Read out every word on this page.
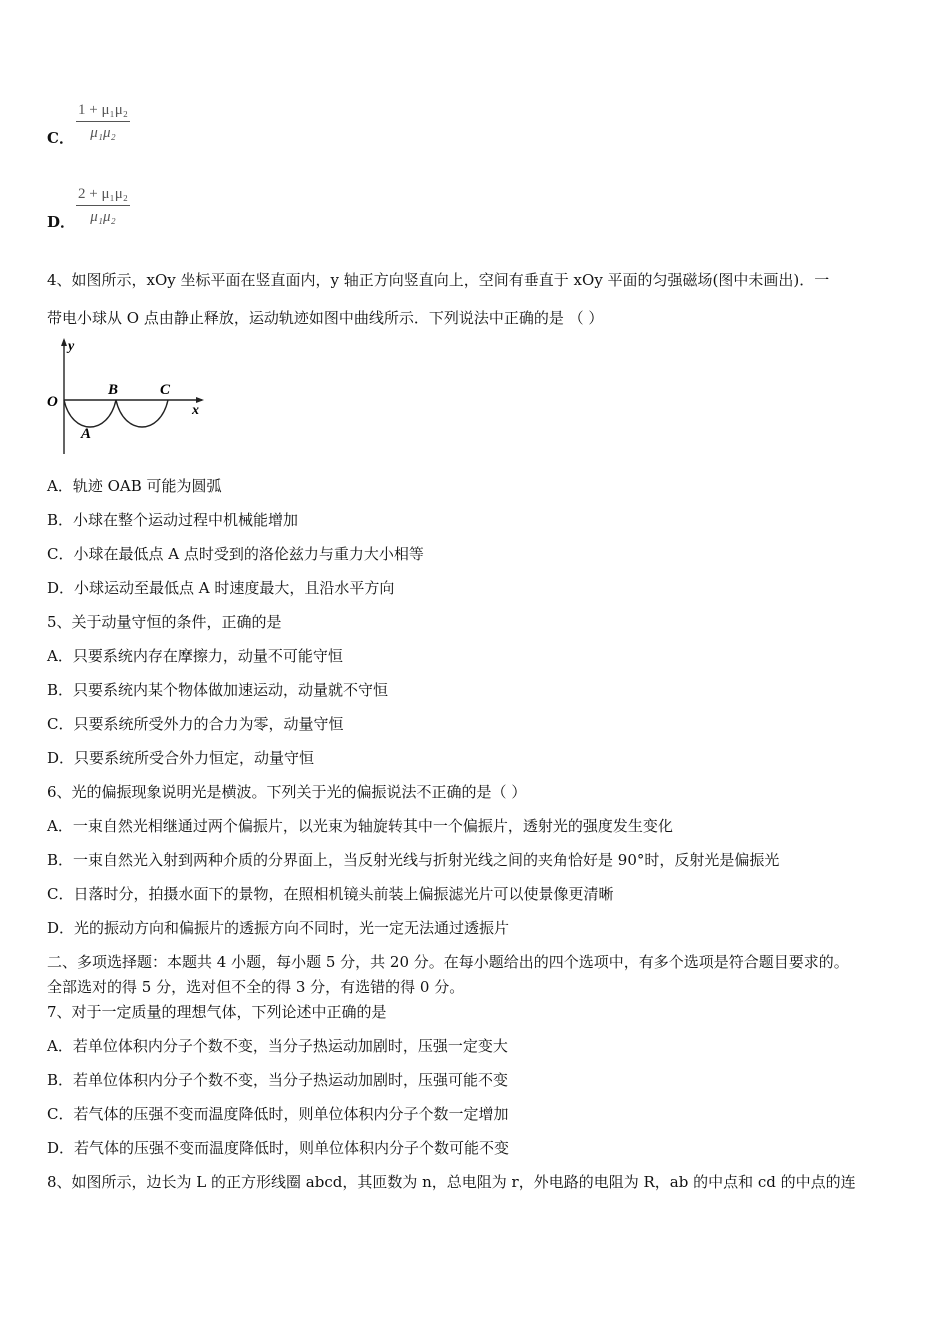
C． $\frac{\text{1 + μ₁μ₂}}{\text{μ₁μ₂}}$
D． $\frac{\text{2 + μ₁μ₂}}{\text{μ₁μ₂}}$
4、如图所示，xOy 坐标平面在竖直面内，y 轴正方向竖直向上，空间有垂直于 xOy 平面的匀强磁场(图中未画出)．一
带电小球从 O 点由静止释放，运动轨迹如图中曲线所示．下列说法中正确的是 （ ）
y
x
O
A
B	C
A．轨迹 OAB 可能为圆弧
B．小球在整个运动过程中机械能增加
C．小球在最低点 A 点时受到的洛伦兹力与重力大小相等
D．小球运动至最低点 A 时速度最大，且沿水平方向
5、关于动量守恒的条件，正确的是
A．只要系统内存在摩擦力，动量不可能守恒
B．只要系统内某个物体做加速运动，动量就不守恒
C．只要系统所受外力的合力为零，动量守恒
D．只要系统所受合外力恒定，动量守恒
6、光的偏振现象说明光是横波。下列关于光的偏振说法不正确的是（ ）
A．一束自然光相继通过两个偏振片，以光束为轴旋转其中一个偏振片，透射光的强度发生变化
B．一束自然光入射到两种介质的分界面上，当反射光线与折射光线之间的夹角恰好是 90°时，反射光是偏振光
C．日落时分，拍摄水面下的景物，在照相机镜头前装上偏振滤光片可以使景像更清晰
D．光的振动方向和偏振片的透振方向不同时，光一定无法通过透振片
二、多项选择题：本题共 4 小题，每小题 5 分，共 20 分。在每小题给出的四个选项中，有多个选项是符合题目要求的。
全部选对的得 5 分，选对但不全的得 3 分，有选错的得 0 分。
7、对于一定质量的理想气体，下列论述中正确的是
A．若单位体积内分子个数不变，当分子热运动加剧时，压强一定变大
B．若单位体积内分子个数不变，当分子热运动加剧时，压强可能不变
C．若气体的压强不变而温度降低时，则单位体积内分子个数一定增加
D．若气体的压强不变而温度降低时，则单位体积内分子个数可能不变
8、如图所示，边长为 L 的正方形线圈 abcd，其匝数为 n，总电阻为 r，外电路的电阻为 R，ab 的中点和 cd 的中点的连
